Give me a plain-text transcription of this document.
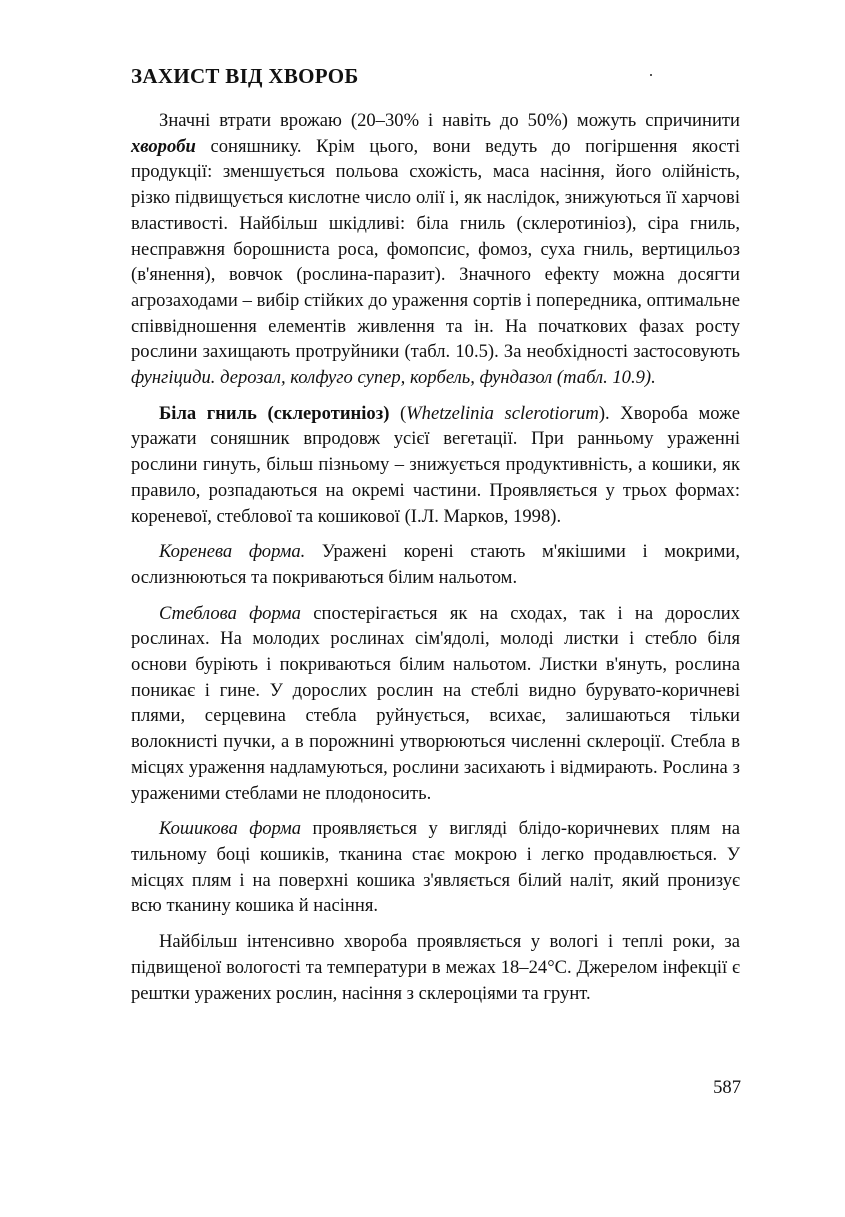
ЗАХИСТ ВІД ХВОРОБ

Значні втрати врожаю (20–30% і навіть до 50%) можуть спричинити хвороби соняшнику. Крім цього, вони ведуть до погіршення якості продукції: зменшується польова схожість, маса насіння, його олійність, різко підвищується кислотне число олії і, як наслідок, знижуються її харчові властивості. Найбільш шкідливі: біла гниль (склеротиніоз), сіра гниль, несправжня борошниста роса, фомопсис, фомоз, суха гниль, вертицильоз (в'янення), вовчок (рослина-паразит). Значного ефекту можна досягти агрозаходами – вибір стійких до ураження сортів і попередника, оптимальне співвідношення елементів живлення та ін. На початкових фазах росту рослини захищають протруйники (табл. 10.5). За необхідності застосовують фунгіциди. дерозал, колфуго супер, корбель, фундазол (табл. 10.9).

Біла гниль (склеротиніоз) (Whetzelinia sclerotiorum). Хвороба може уражати соняшник впродовж усієї вегетації. При ранньому ураженні рослини гинуть, більш пізньому – знижується продуктивність, а кошики, як правило, розпадаються на окремі частини. Проявляється у трьох формах: кореневої, стеблової та кошикової (І.Л. Марков, 1998).

Коренева форма. Уражені корені стають м'якішими і мокрими, ослизнюються та покриваються білим нальотом.

Стеблова форма спостерігається як на сходах, так і на дорослих рослинах. На молодих рослинах сім'ядолі, молоді листки і стебло біля основи буріють і покриваються білим нальотом. Листки в'януть, рослина поникає і гине. У дорослих рослин на стеблі видно бурувато-коричневі плями, серцевина стебла руйнується, всихає, залишаються тільки волокнисті пучки, а в порожнині утворюються численні склероції. Стебла в місцях ураження надламуються, рослини засихають і відмирають. Рослина з ураженими стеблами не плодоносить.

Кошикова форма проявляється у вигляді блідо-коричневих плям на тильному боці кошиків, тканина стає мокрою і легко продавлюється. У місцях плям і на поверхні кошика з'являється білий наліт, який пронизує всю тканину кошика й насіння.

Найбільш інтенсивно хвороба проявляється у вологі і теплі роки, за підвищеної вологості та температури в межах 18–24°С. Джерелом інфекції є рештки уражених рослин, насіння з склероціями та грунт.

587
